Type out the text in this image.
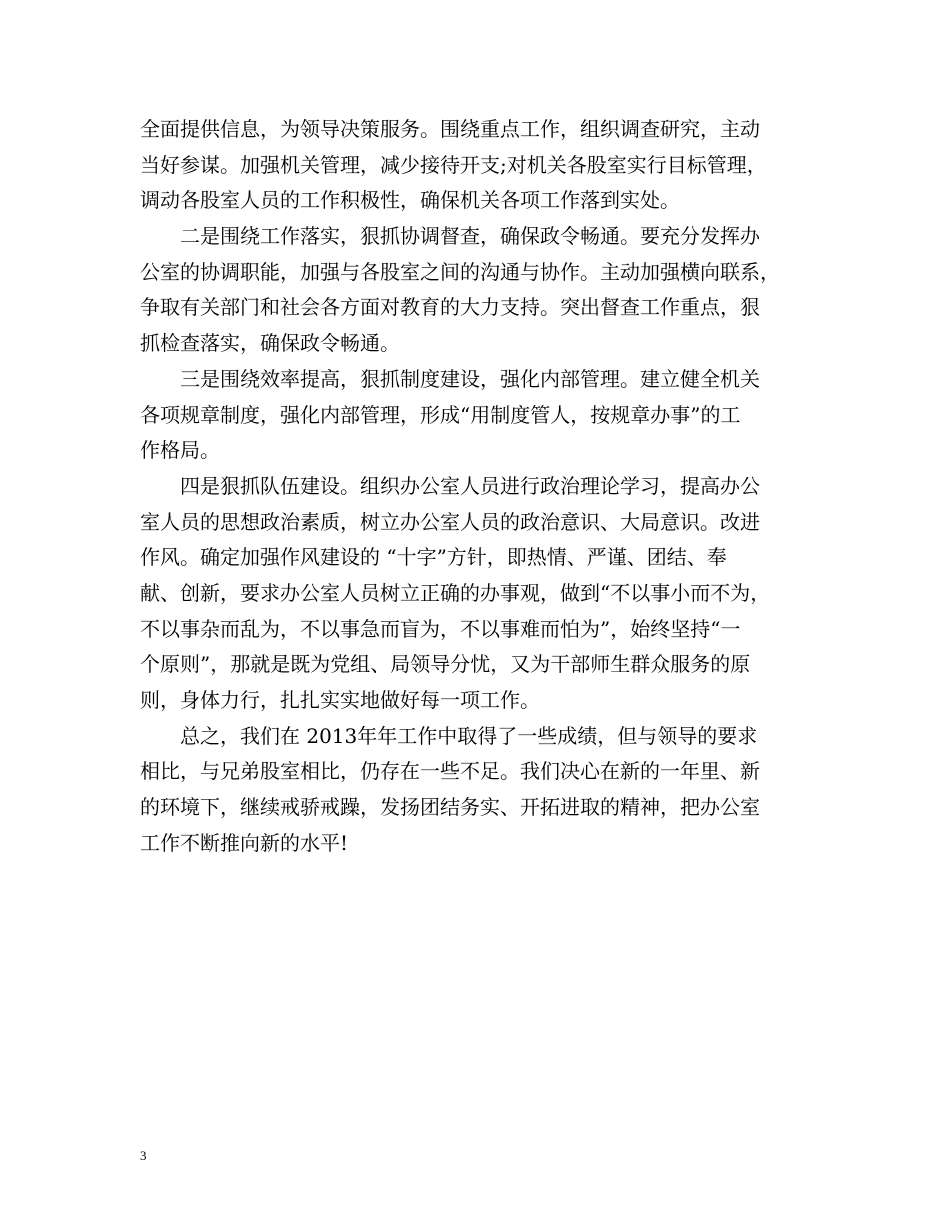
全面提供信息，为领导决策服务。围绕重点工作，组织调查研究，主动
当好参谋。加强机关管理，减少接待开支;对机关各股室实行目标管理，
调动各股室人员的工作积极性，确保机关各项工作落到实处。
　　二是围绕工作落实，狠抓协调督查，确保政令畅通。要充分发挥办
公室的协调职能，加强与各股室之间的沟通与协作。主动加强横向联系，
争取有关部门和社会各方面对教育的大力支持。突出督查工作重点，狠
抓检查落实，确保政令畅通。
　　三是围绕效率提高，狠抓制度建设，强化内部管理。建立健全机关
各项规章制度，强化内部管理，形成“用制度管人，按规章办事”的工
作格局。
　　四是狠抓队伍建设。组织办公室人员进行政治理论学习，提高办公
室人员的思想政治素质，树立办公室人员的政治意识、大局意识。改进
作风。确定加强作风建设的 “十字”方针，即热情、严谨、团结、奉
献、创新，要求办公室人员树立正确的办事观，做到“不以事小而不为，
不以事杂而乱为，不以事急而盲为，不以事难而怕为”，始终坚持“一
个原则”，那就是既为党组、局领导分忧，又为干部师生群众服务的原
则，身体力行，扎扎实实地做好每一项工作。
　　总之，我们在 2013年年工作中取得了一些成绩，但与领导的要求
相比，与兄弟股室相比，仍存在一些不足。我们决心在新的一年里、新
的环境下，继续戒骄戒躁，发扬团结务实、开拓进取的精神，把办公室
工作不断推向新的水平!
3
